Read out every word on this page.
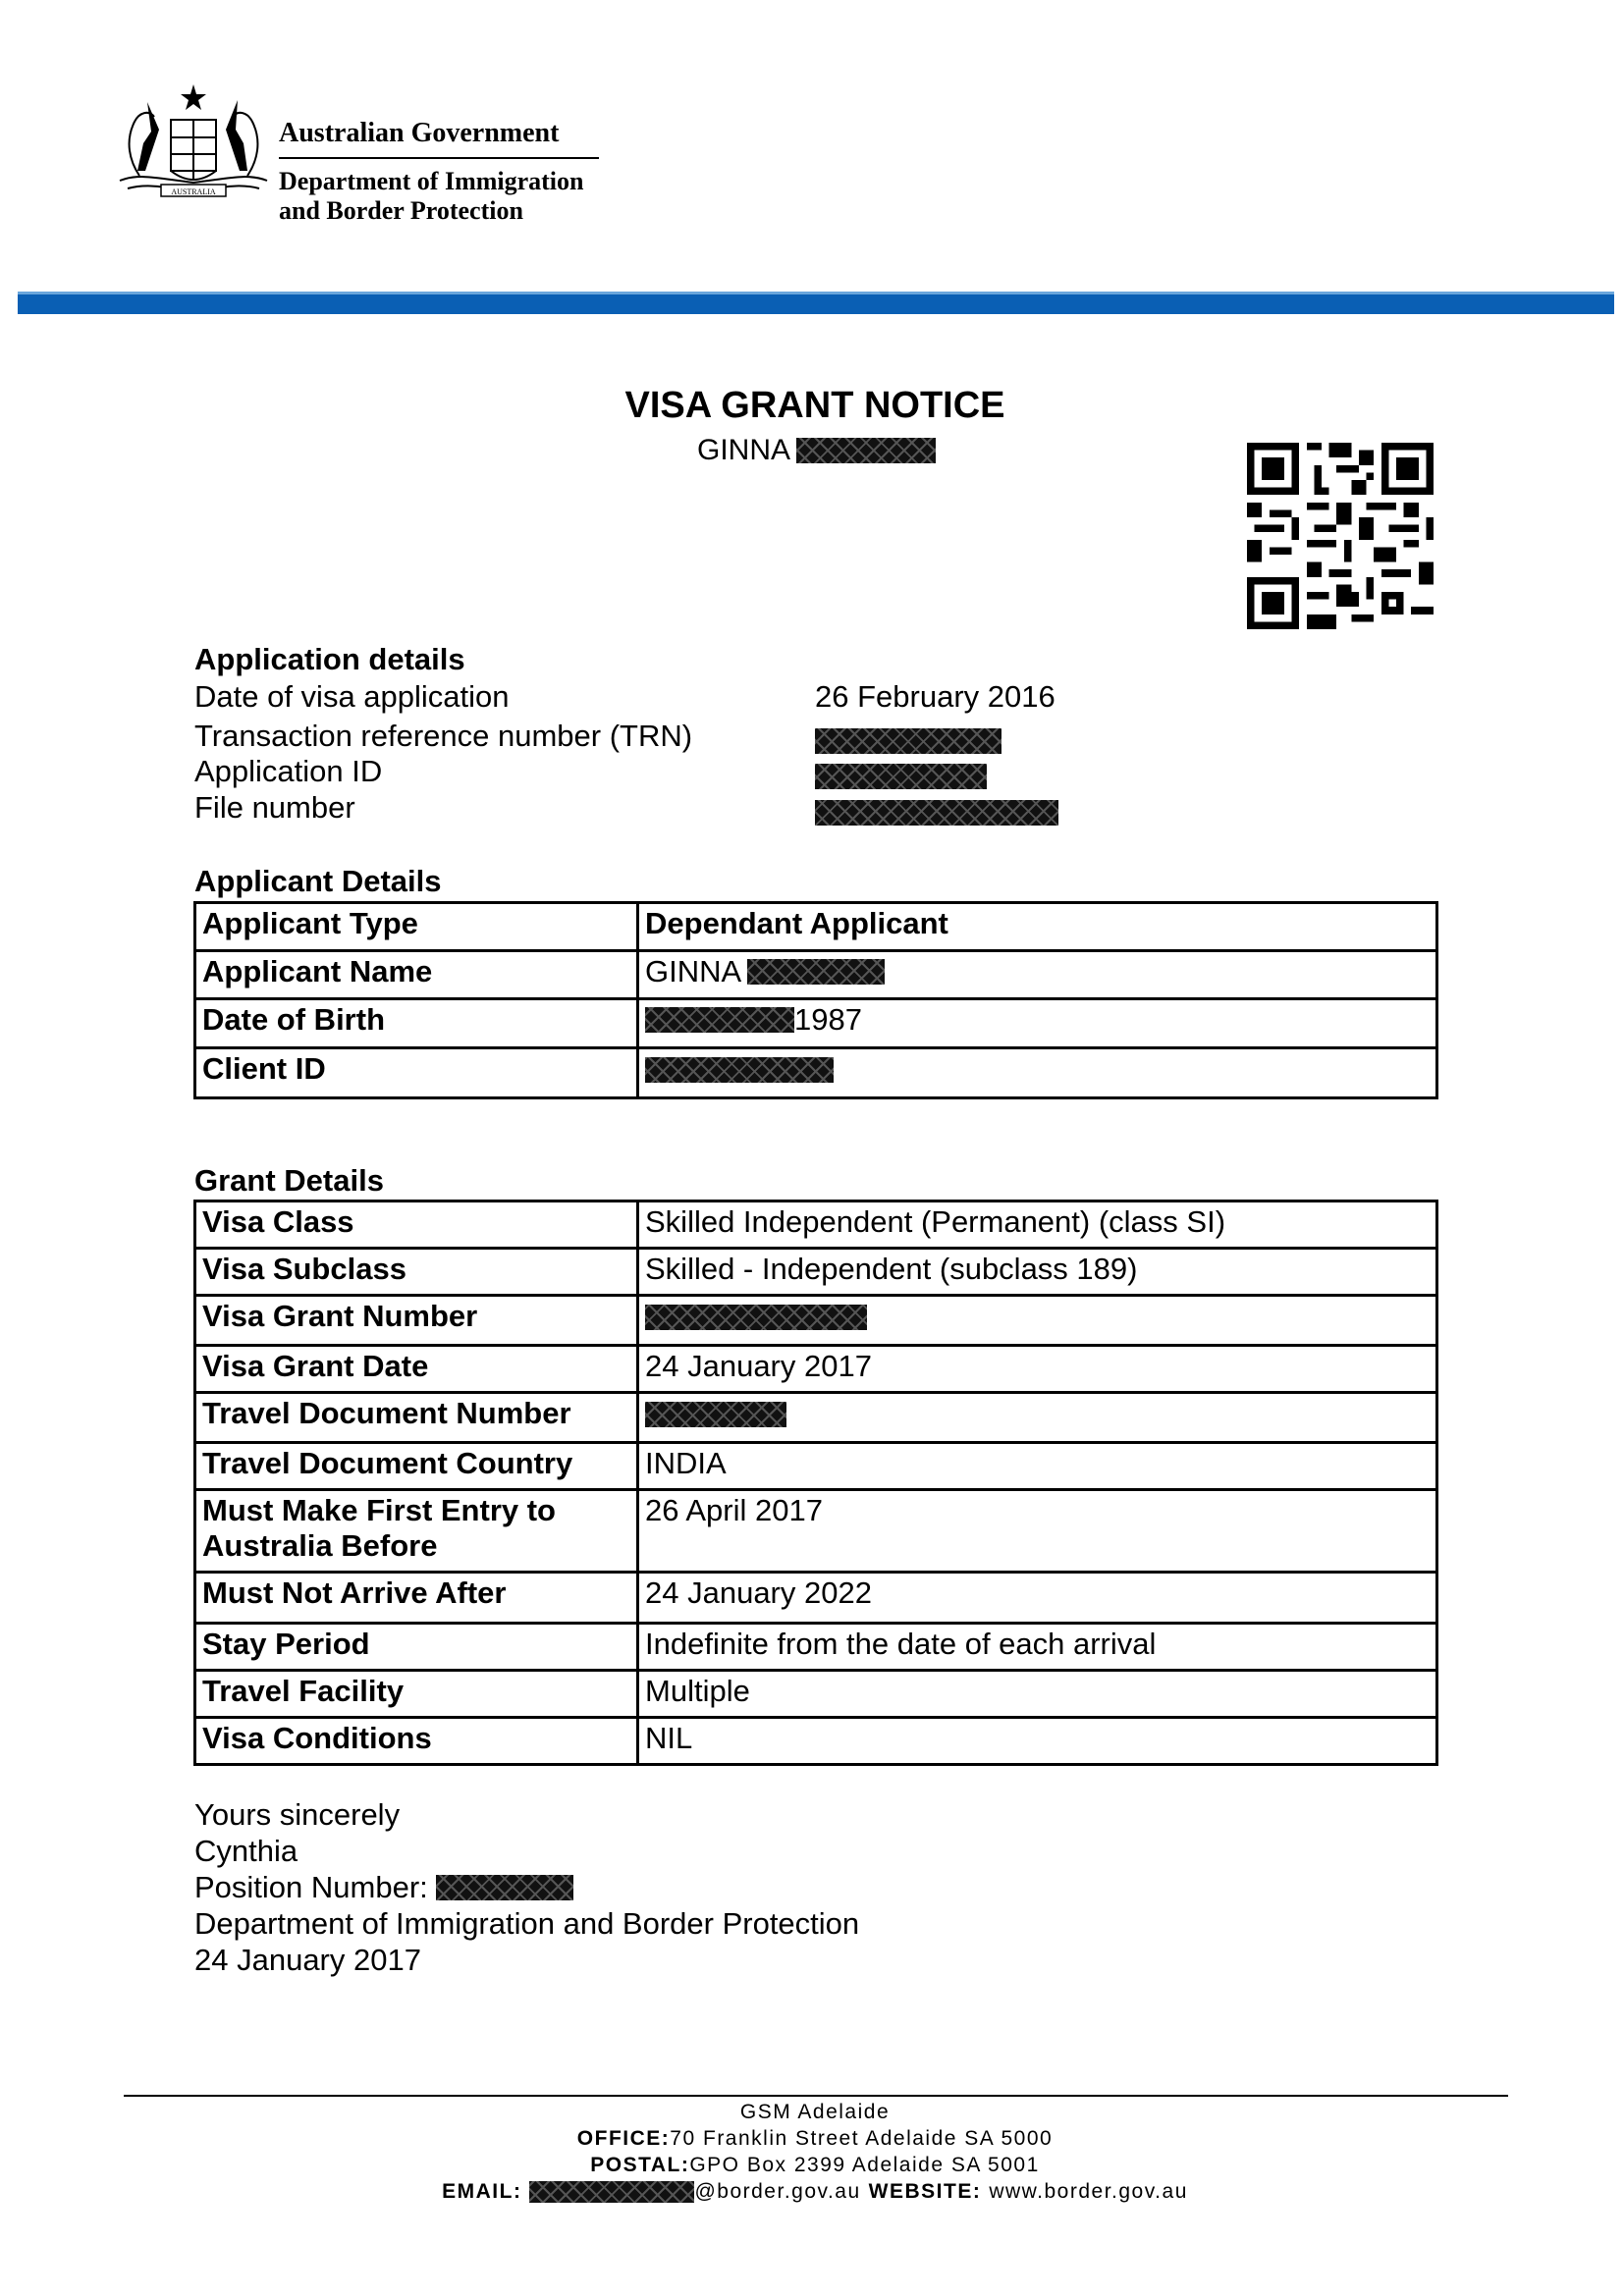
AUSTRALIA
Australian Government
Department of Immigration
and Border Protection
VISA GRANT NOTICE
GINNA
Application details
Date of visa application	26 February 2016
Transaction reference number (TRN)
Application ID
File number
Applicant Details
Applicant Type	Dependant Applicant
Applicant Name	GINNA

Date of Birth	1987

Client ID	
Grant Details
Visa Class	Skilled Independent (Permanent) (class SI)
Visa Subclass	Skilled - Independent (subclass 189)
Visa Grant Number	
Visa Grant Date	24 January 2017
Travel Document Number	
Travel Document Country	INDIA
Must Make First Entry to Australia Before	26 April 2017
Must Not Arrive After	24 January 2022
Stay Period	Indefinite from the date of each arrival
Travel Facility	Multiple
Visa Conditions	NIL
Yours sincerely
Cynthia
Position Number:
Department of Immigration and Border Protection
24 January 2017
GSM Adelaide
OFFICE: 70 Franklin Street Adelaide SA 5000
POSTAL: GPO Box 2399 Adelaide SA 5001
EMAIL:	@border.gov.au WEBSITE: www.border.gov.au
